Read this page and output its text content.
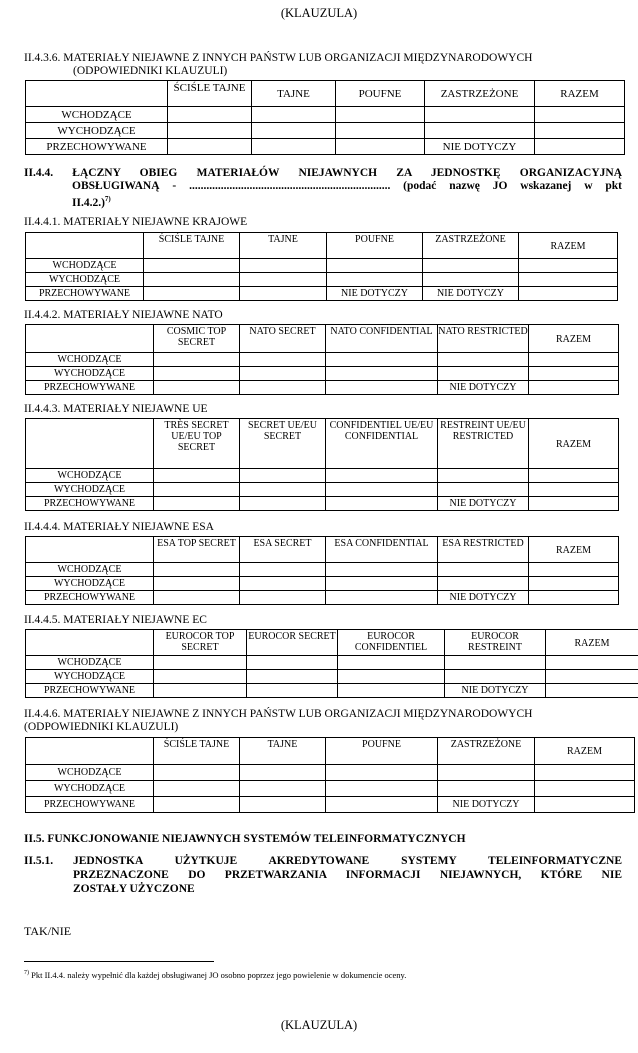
(KLAUZULA)
II.4.3.6. MATERIAŁY NIEJAWNE Z INNYCH PAŃSTW LUB ORGANIZACJI MIĘDZYNARODOWYCH
(ODPOWIEDNIKI KLAUZULI)
	ŚCIŚLE TAJNE	TAJNE	POUFNE	ZASTRZEŻONE	RAZEM
WCHODZĄCE					
WYCHODZĄCE					
PRZECHOWYWANE				NIE DOTYCZY	
II.4.4. ŁĄCZNY OBIEG MATERIAŁÓW NIEJAWNYCH ZA JEDNOSTKĘ ORGANIZACYJNĄ
OBSŁUGIWANĄ - ...................................................................... (podać nazwę JO wskazanej w pkt
II.4.2.)$^{7)}$
II.4.4.1. MATERIAŁY NIEJAWNE KRAJOWE
	ŚCIŚLE TAJNE	TAJNE	POUFNE	ZASTRZEŻONE	RAZEM
WCHODZĄCE					
WYCHODZĄCE					
PRZECHOWYWANE			NIE DOTYCZY	NIE DOTYCZY	
II.4.4.2. MATERIAŁY NIEJAWNE NATO
	COSMIC TOP SECRET	NATO SECRET	NATO CONFIDENTIAL	NATO RESTRICTED	RAZEM
WCHODZĄCE					
WYCHODZĄCE					
PRZECHOWYWANE				NIE DOTYCZY	
II.4.4.3. MATERIAŁY NIEJAWNE UE
	TRÈS SECRET UE/EU TOP SECRET	SECRET UE/EU SECRET	CONFIDENTIEL UE/EU CONFIDENTIAL	RESTREINT UE/EU RESTRICTED	RAZEM
WCHODZĄCE					
WYCHODZĄCE					
PRZECHOWYWANE				NIE DOTYCZY	
II.4.4.4. MATERIAŁY NIEJAWNE ESA
	ESA TOP SECRET	ESA SECRET	ESA CONFIDENTIAL	ESA RESTRICTED	RAZEM
WCHODZĄCE					
WYCHODZĄCE					
PRZECHOWYWANE				NIE DOTYCZY	
II.4.4.5. MATERIAŁY NIEJAWNE EC
	EUROCOR TOP SECRET	EUROCOR SECRET	EUROCOR CONFIDENTIEL	EUROCOR RESTREINT	RAZEM
WCHODZĄCE					
WYCHODZĄCE					
PRZECHOWYWANE				NIE DOTYCZY	
II.4.4.6. MATERIAŁY NIEJAWNE Z INNYCH PAŃSTW LUB ORGANIZACJI MIĘDZYNARODOWYCH
(ODPOWIEDNIKI KLAUZULI)
	ŚCIŚLE TAJNE	TAJNE	POUFNE	ZASTRZEŻONE	RAZEM
WCHODZĄCE					
WYCHODZĄCE					
PRZECHOWYWANE				NIE DOTYCZY	
II.5. FUNKCJONOWANIE NIEJAWNYCH SYSTEMÓW TELEINFORMATYCZNYCH
II.5.1. JEDNOSTKA UŻYTKUJE AKREDYTOWANE SYSTEMY TELEINFORMATYCZNE
PRZEZNACZONE DO PRZETWARZANIA INFORMACJI NIEJAWNYCH, KTÓRE NIE
ZOSTAŁY UŻYCZONE
TAK/NIE
$^{7)}$ Pkt II.4.4. należy wypełnić dla każdej obsługiwanej JO osobno poprzez jego powielenie w dokumencie oceny.
(KLAUZULA)
